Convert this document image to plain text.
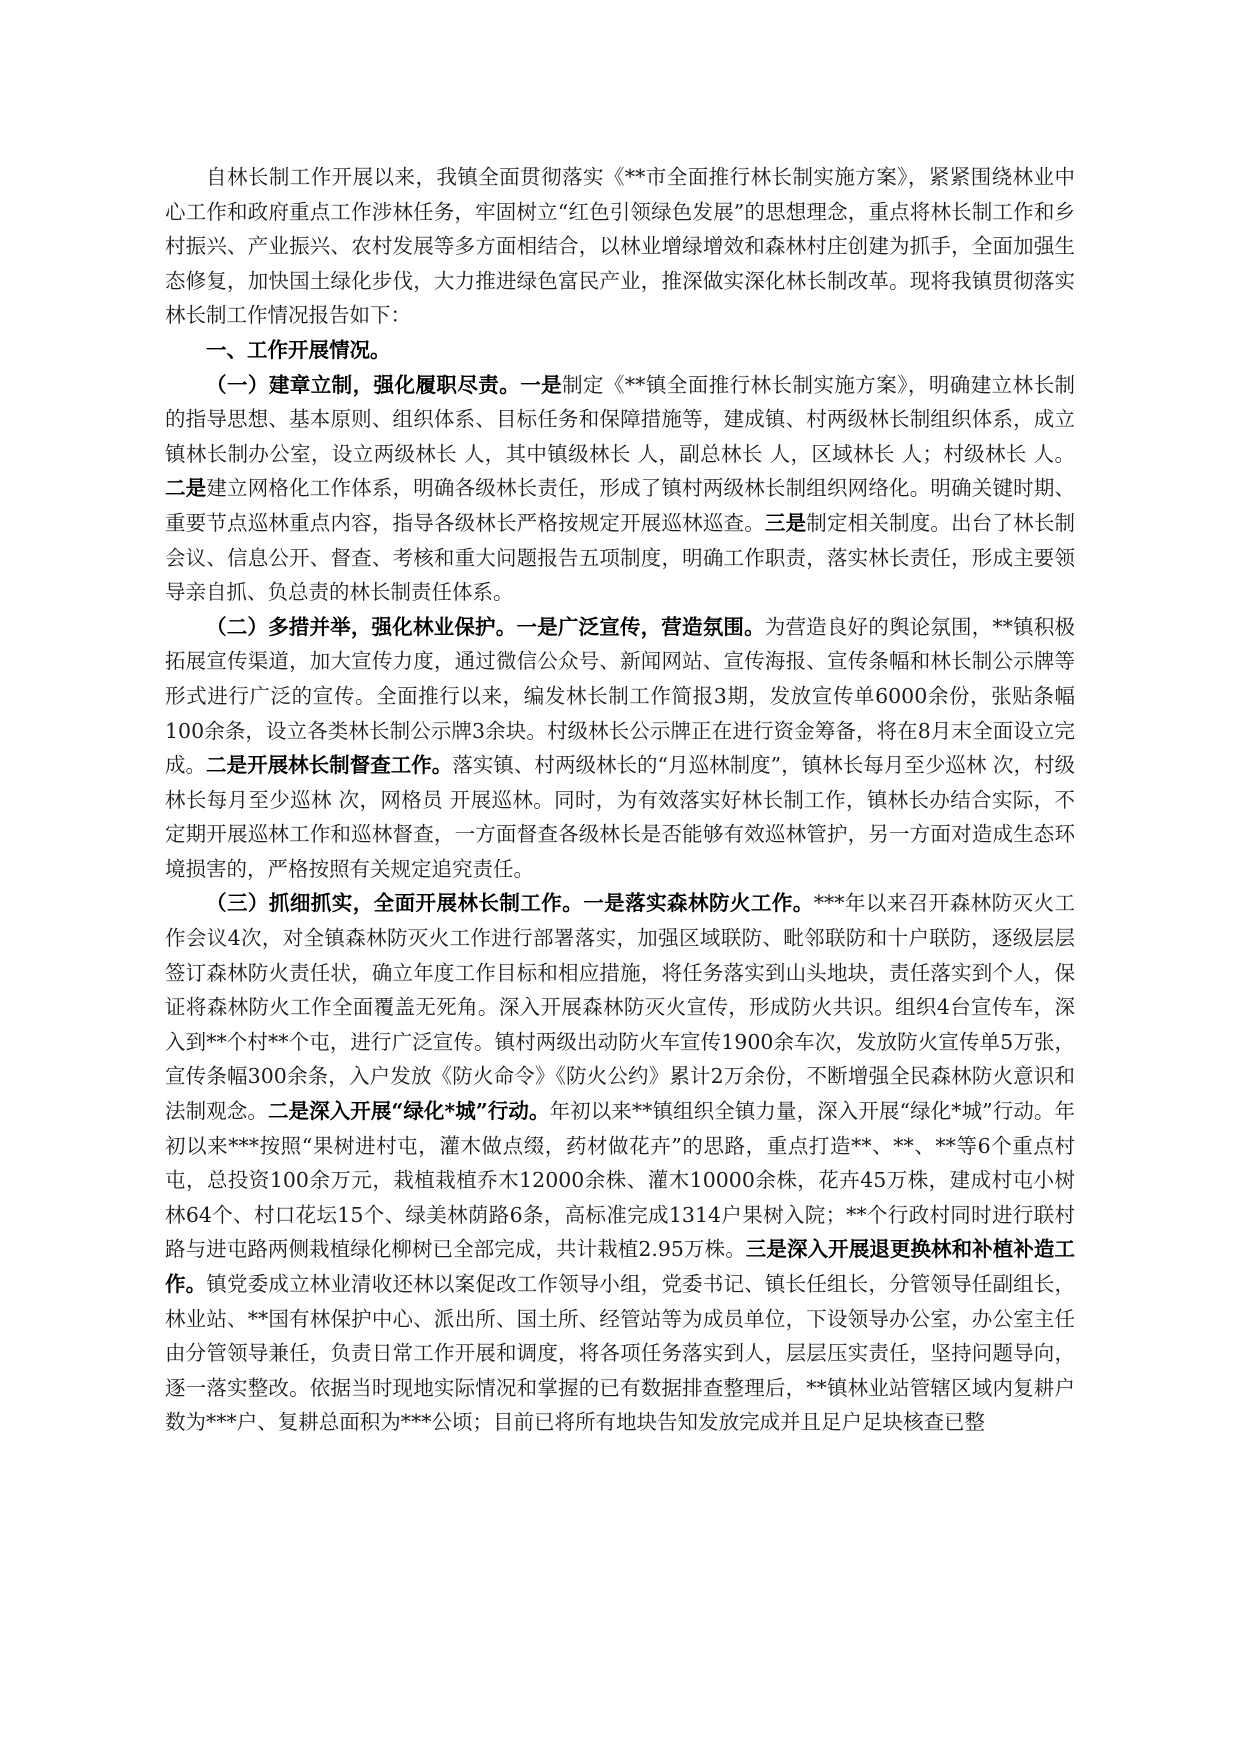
自林长制工作开展以来，我镇全面贯彻落实《**市全面推行林长制实施方案》，紧紧围绕林业中心工作和政府重点工作涉林任务，牢固树立“红色引领绿色发展”的思想理念，重点将林长制工作和乡村振兴、产业振兴、农村发展等多方面相结合，以林业增绿增效和森林村庄创建为抓手，全面加强生态修复，加快国土绿化步伐，大力推进绿色富民产业，推深做实深化林长制改革。现将我镇贯彻落实林长制工作情况报告如下：

一、工作开展情况。

（一）建章立制，强化履职尽责。一是制定《**镇全面推行林长制实施方案》，明确建立林长制的指导思想、基本原则、组织体系、目标任务和保障措施等，建成镇、村两级林长制组织体系，成立镇林长制办公室，设立两级林长 人，其中镇级林长 人，副总林长 人，区域林长 人；村级林长 人。二是建立网格化工作体系，明确各级林长责任，形成了镇村两级林长制组织网络化。明确关键时期、重要节点巡林重点内容，指导各级林长严格按规定开展巡林巡查。三是制定相关制度。出台了林长制会议、信息公开、督查、考核和重大问题报告五项制度，明确工作职责，落实林长责任，形成主要领导亲自抓、负总责的林长制责任体系。

（二）多措并举，强化林业保护。一是广泛宣传，营造氛围。为营造良好的舆论氛围，**镇积极拓展宣传渠道，加大宣传力度，通过微信公众号、新闻网站、宣传海报、宣传条幅和林长制公示牌等形式进行广泛的宣传。全面推行以来，编发林长制工作简报3期，发放宣传单6000余份，张贴条幅100余条，设立各类林长制公示牌3余块。村级林长公示牌正在进行资金筹备，将在8月末全面设立完成。二是开展林长制督查工作。落实镇、村两级林长的“月巡林制度”，镇林长每月至少巡林 次，村级林长每月至少巡林 次，网格员 开展巡林。同时，为有效落实好林长制工作，镇林长办结合实际，不定期开展巡林工作和巡林督查，一方面督查各级林长是否能够有效巡林管护，另一方面对造成生态环境损害的，严格按照有关规定追究责任。

（三）抓细抓实，全面开展林长制工作。一是落实森林防火工作。***年以来召开森林防灭火工作会议4次，对全镇森林防灭火工作进行部署落实，加强区域联防、毗邻联防和十户联防，逐级层层签订森林防火责任状，确立年度工作目标和相应措施，将任务落实到山头地块，责任落实到个人，保证将森林防火工作全面覆盖无死角。深入开展森林防灭火宣传，形成防火共识。组织4台宣传车，深入到**个村**个屯，进行广泛宣传。镇村两级出动防火车宣传1900余车次，发放防火宣传单5万张，宣传条幅300余条，入户发放《防火命令》《防火公约》累计2万余份，不断增强全民森林防火意识和法制观念。二是深入开展“绿化*城”行动。年初以来**镇组织全镇力量，深入开展“绿化*城”行动。年初以来***按照“果树进村屯，灌木做点缀，药材做花卉”的思路，重点打造**、**、**等6个重点村屯，总投资100余万元，栽植栽植乔木12000余株、灌木10000余株，花卉45万株，建成村屯小树林64个、村口花坛15个、绿美林荫路6条，高标准完成1314户果树入院；**个行政村同时进行联村路与进屯路两侧栽植绿化柳树已全部完成，共计栽植2.95万株。三是深入开展退更换林和补植补造工作。镇党委成立林业清收还林以案促改工作领导小组，党委书记、镇长任组长，分管领导任副组长，林业站、**国有林保护中心、派出所、国土所、经管站等为成员单位，下设领导办公室，办公室主任由分管领导兼任，负责日常工作开展和调度，将各项任务落实到人，层层压实责任，坚持问题导向，逐一落实整改。依据当时现地实际情况和掌握的已有数据排查整理后，**镇林业站管辖区域内复耕户数为***户、复耕总面积为***公顷；目前已将所有地块告知发放完成并且足户足块核查已整
